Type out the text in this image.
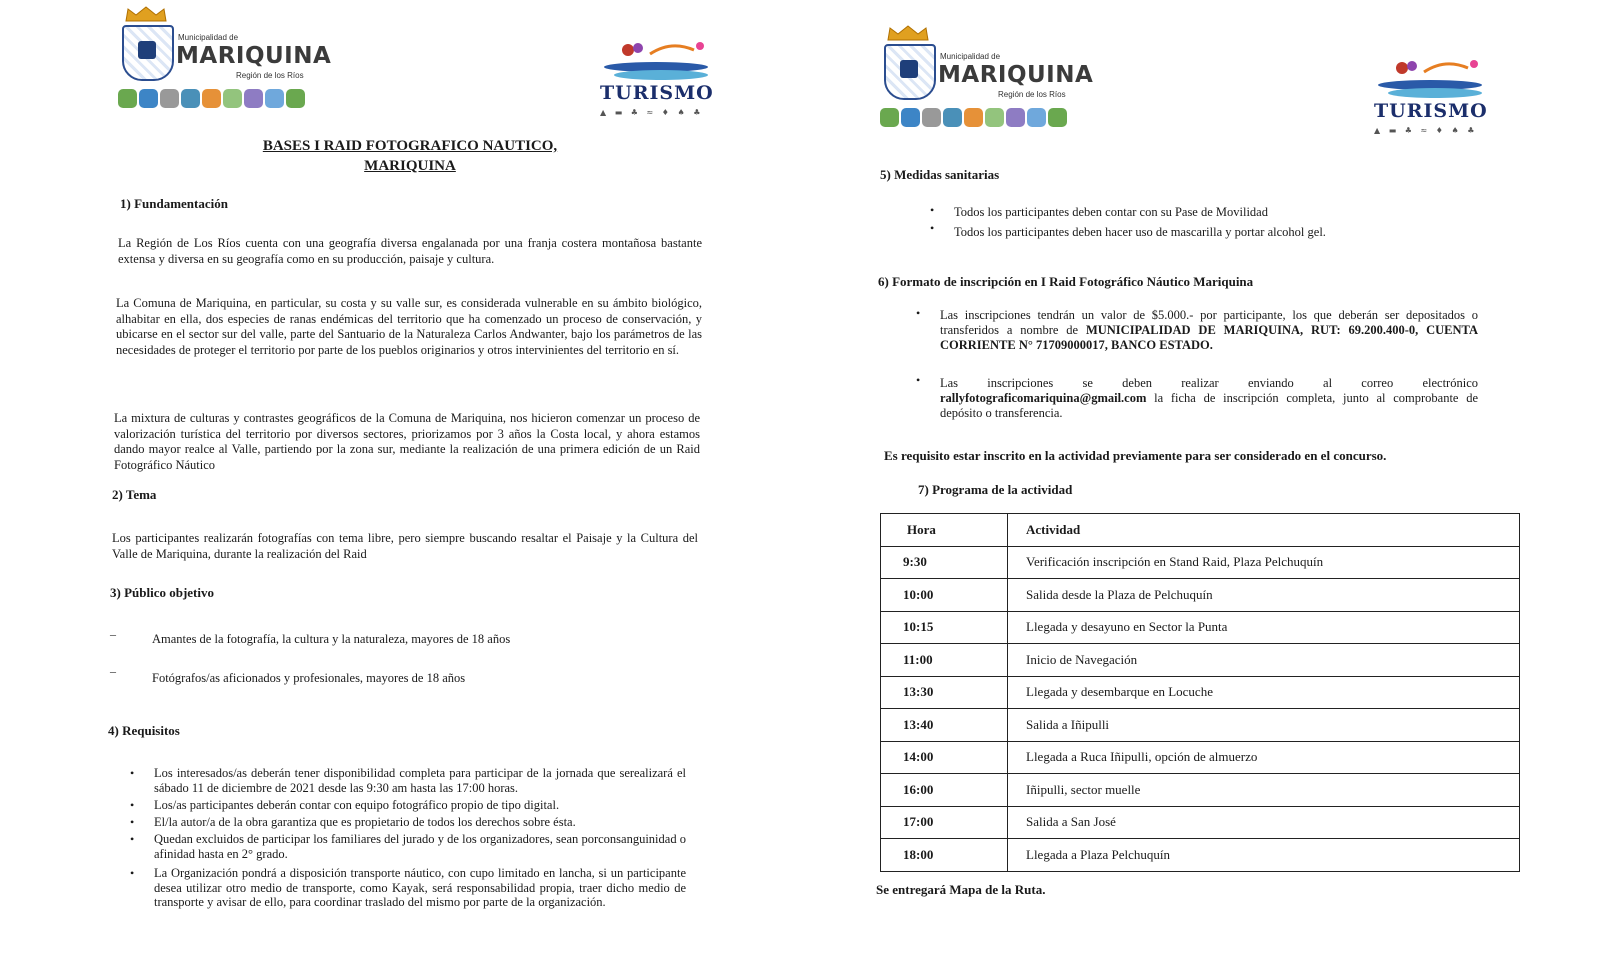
Municipalidad de
MARIQUINA
Región de los Ríos
TURISMO
▲ ▬ ♣ ≈ ♦ ♠ ♣
BASES I RAID FOTOGRAFICO NAUTICO,
MARIQUINA
1) Fundamentación
La Región de Los Ríos cuenta con una geografía diversa engalanada por una franja costera montañosa bastante extensa y diversa en su geografía como en su producción, paisaje y cultura.
La Comuna de Mariquina, en particular, su costa y su valle sur, es considerada vulnerable en su ámbito biológico, alhabitar en ella, dos especies de ranas endémicas del territorio que ha comenzado un proceso de conservación, y ubicarse en el sector sur del valle, parte del Santuario de la Naturaleza Carlos Andwanter, bajo los parámetros de las necesidades de proteger el territorio por parte de los pueblos originarios y otros intervinientes del territorio en sí.
La mixtura de culturas y contrastes geográficos de la Comuna de Mariquina, nos hicieron comenzar un proceso de valorización turística del territorio por diversos sectores, priorizamos por 3 años la Costa local, y ahora estamos dando mayor realce al Valle, partiendo por la zona sur, mediante la realización de una primera edición de un Raid Fotográfico Náutico
2) Tema
Los participantes realizarán fotografías con tema libre, pero siempre buscando resaltar el Paisaje y la Cultura del Valle de Mariquina, durante la realización del Raid
3) Público objetivo
–	Amantes de la fotografía, la cultura y la naturaleza, mayores de 18 años
–	Fotógrafos/as aficionados y profesionales, mayores de 18 años
4) Requisitos
• Los interesados/as deberán tener disponibilidad completa para participar de la jornada que serealizará el sábado 11 de diciembre de 2021 desde las 9:30 am hasta las 17:00 horas.
• Los/as participantes deberán contar con equipo fotográfico propio de tipo digital.
• El/la autor/a de la obra garantiza que es propietario de todos los derechos sobre ésta.
• Quedan excluidos de participar los familiares del jurado y de los organizadores, sean porconsanguinidad o afinidad hasta en 2° grado.
• La Organización pondrá a disposición transporte náutico, con cupo limitado en lancha, si un participante desea utilizar otro medio de transporte, como Kayak, será responsabilidad propia, traer dicho medio de transporte y avisar de ello, para coordinar traslado del mismo por parte de la organización.
Municipalidad de
MARIQUINA
Región de los Ríos
TURISMO
▲ ▬ ♣ ≈ ♦ ♠ ♣
5) Medidas sanitarias
• Todos los participantes deben contar con su Pase de Movilidad
• Todos los participantes deben hacer uso de mascarilla y portar alcohol gel.
6) Formato de inscripción en I Raid Fotográfico Náutico Mariquina
• Las inscripciones tendrán un valor de $5.000.- por participante, los que deberán ser depositados o transferidos a nombre de MUNICIPALIDAD DE MARIQUINA, RUT: 69.200.400-0, CUENTA CORRIENTE N° 71709000017, BANCO ESTADO.
• Las inscripciones se deben realizar enviando al correo electrónico rallyfotograficomariquina@gmail.com la ficha de inscripción completa, junto al comprobante de depósito o transferencia.
Es requisito estar inscrito en la actividad previamente para ser considerado en el concurso.
7) Programa de la actividad
Hora	Actividad
9:30	Verificación inscripción en Stand Raid, Plaza Pelchuquín
10:00	Salida desde la Plaza de Pelchuquín
10:15	Llegada y desayuno en Sector la Punta
11:00	Inicio de Navegación
13:30	Llegada y desembarque en Locuche
13:40	Salida a Iñipulli
14:00	Llegada a Ruca Iñipulli, opción de almuerzo
16:00	Iñipulli, sector muelle
17:00	Salida a San José
18:00	Llegada a Plaza Pelchuquín
Se entregará Mapa de la Ruta.
